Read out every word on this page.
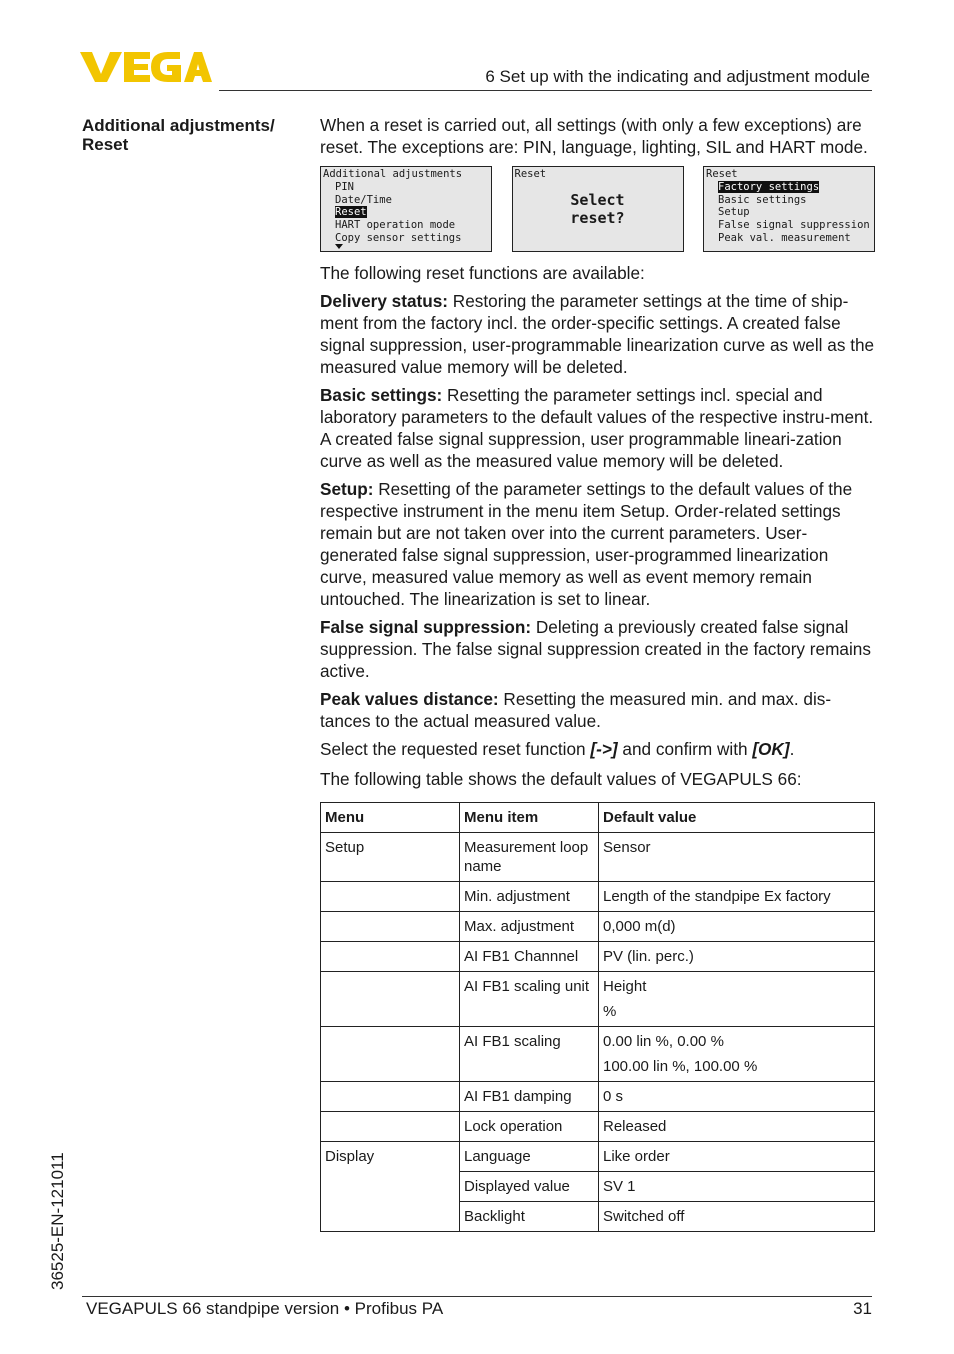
6 Set up with the indicating and adjustment module
Additional adjustments/ Reset

When a reset is carried out, all settings (with only a few exceptions) are reset. The exceptions are: PIN, language, lighting, SIL and HART mode.

Additional adjustments
PIN
Date/Time
Reset
HART operation mode
Copy sensor settings
Reset
Select
reset?
Reset
Factory settings
Basic settings
Setup
False signal suppression
Peak val. measurement

The following reset functions are available:

Delivery status: Restoring the parameter settings at the time of ship-ment from the factory incl. the order-specific settings. A created false signal suppression, user-programmable linearization curve as well as the measured value memory will be deleted.

Basic settings: Resetting the parameter settings incl. special and laboratory parameters to the default values of the respective instru-ment. A created false signal suppression, user programmable lineari-zation curve as well as the measured value memory will be deleted.

Setup: Resetting of the parameter settings to the default values of the respective instrument in the menu item Setup. Order-related settings remain but are not taken over into the current parameters. User-generated false signal suppression, user-programmed linearization curve, measured value memory as well as event memory remain untouched. The linearization is set to linear.

False signal suppression: Deleting a previously created false signal suppression. The false signal suppression created in the factory remains active.

Peak values distance: Resetting the measured min. and max. dis-tances to the actual measured value.

Select the requested reset function [->] and confirm with [OK].

The following table shows the default values of VEGAPULS 66:

Menu	Menu item	Default value
Setup	Measurement loop name	Sensor
	Min. adjustment	Length of the standpipe Ex factory
	Max. adjustment	0,000 m(d)
	AI FB1 Channnel	PV (lin. perc.)
	AI FB1 scaling unit	Height
%

	AI FB1 scaling	0.00 lin %, 0.00 %
100.00 lin %, 100.00 %

	AI FB1 damping	0 s
	Lock operation	Released
Display	Language	Like order
	Displayed value	SV 1
	Backlight	Switched off
36525-EN-121011
VEGAPULS 66 standpipe version • Profibus PA	31
